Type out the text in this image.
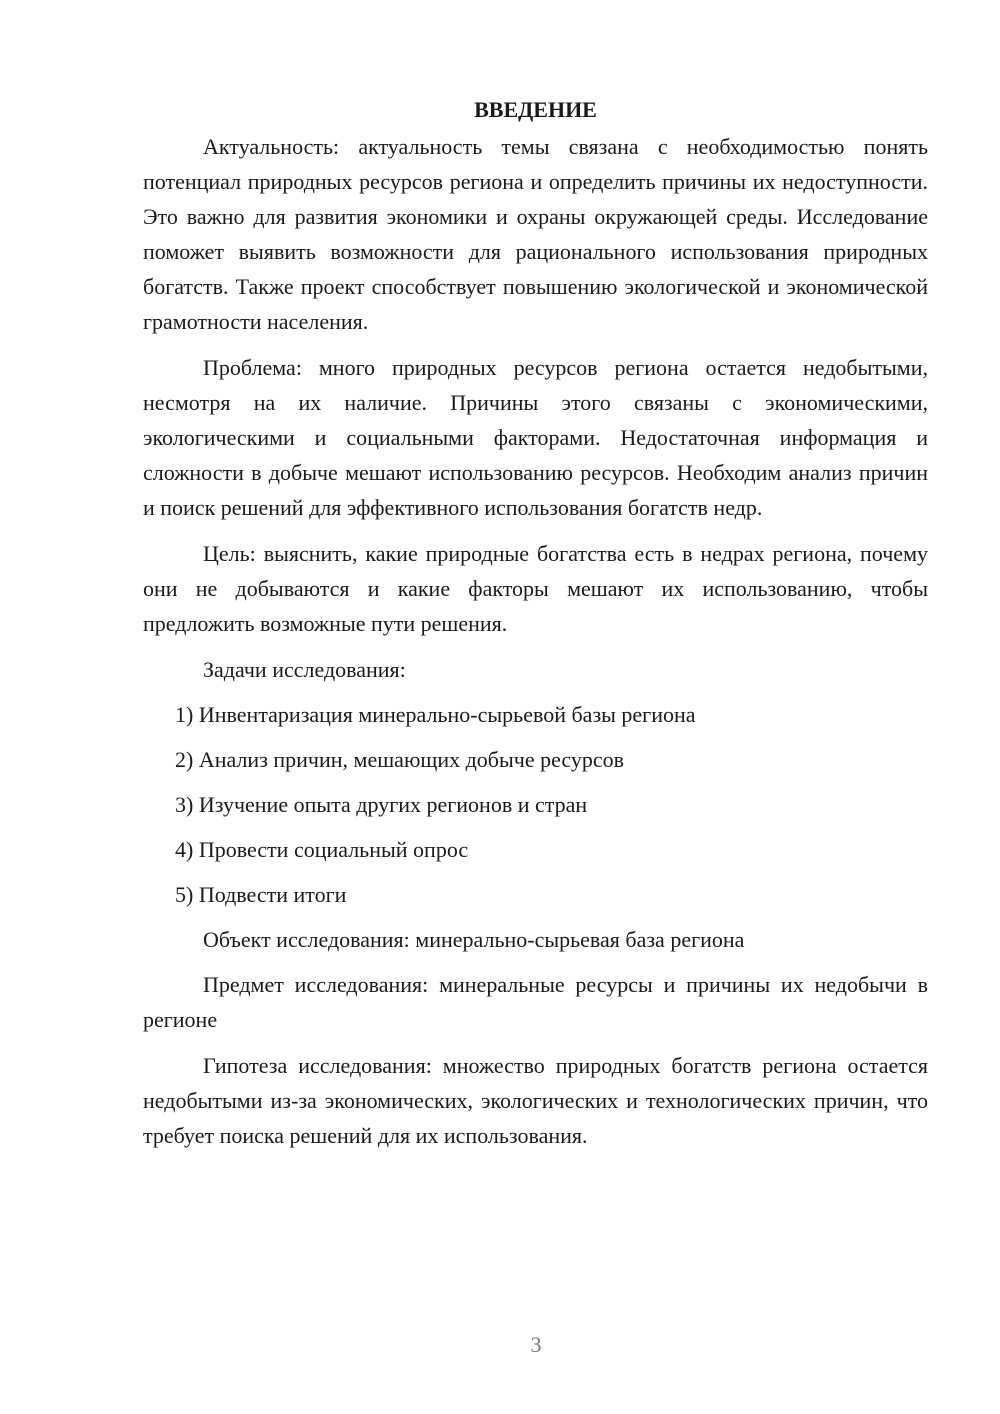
ВВЕДЕНИЕ

Актуальность: актуальность темы связана с необходимостью понять потенциал природных ресурсов региона и определить причины их недоступности. Это важно для развития экономики и охраны окружающей среды. Исследование поможет выявить возможности для рационального использования природных богатств. Также проект способствует повышению экологической и экономической грамотности населения.

Проблема: много природных ресурсов региона остается недобытыми, несмотря на их наличие. Причины этого связаны с экономическими, экологическими и социальными факторами. Недостаточная информация и сложности в добыче мешают использованию ресурсов. Необходим анализ причин и поиск решений для эффективного использования богатств недр.

Цель: выяснить, какие природные богатства есть в недрах региона, почему они не добываются и какие факторы мешают их использованию, чтобы предложить возможные пути решения.

Задачи исследования:

1) Инвентаризация минерально-сырьевой базы региона
2) Анализ причин, мешающих добыче ресурсов
3) Изучение опыта других регионов и стран
4) Провести социальный опрос
5) Подвести итоги

Объект исследования: минерально-сырьевая база региона

Предмет исследования: минеральные ресурсы и причины их недобычи в регионе

Гипотеза исследования: множество природных богатств региона остается недобытыми из-за экономических, экологических и технологических причин, что требует поиска решений для их использования.

3
